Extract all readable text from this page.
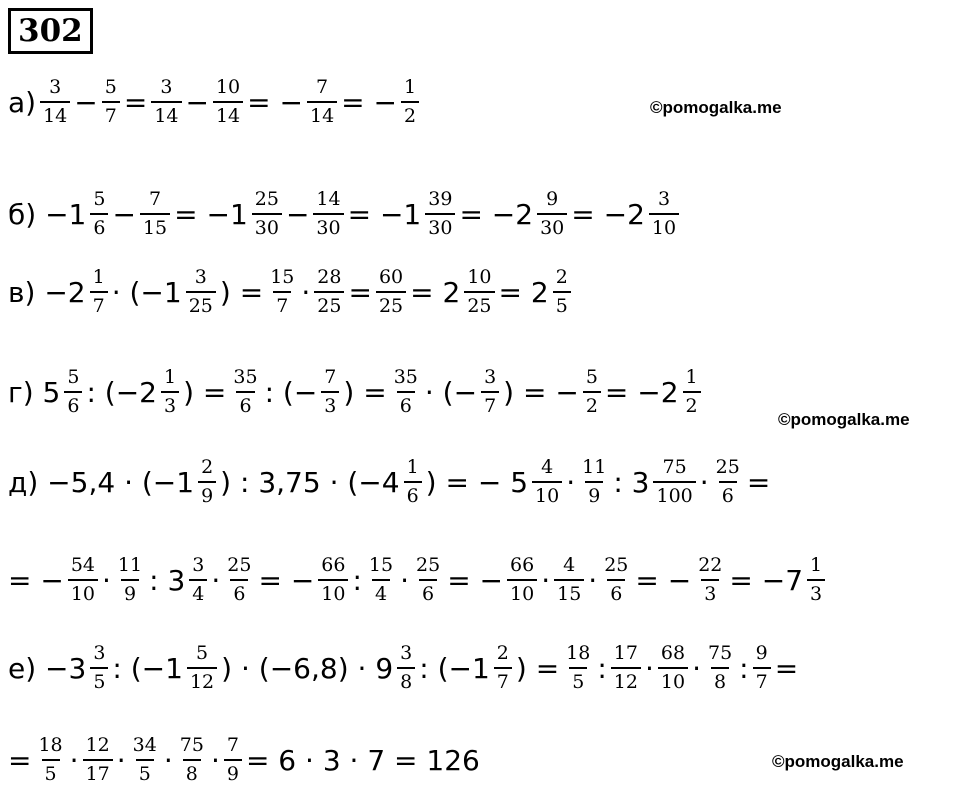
302
©pomogalka.me
©pomogalka.me
©pomogalka.me
$а) \frac{3}{14} - \frac{5}{7} = \frac{3}{14} - \frac{10}{14}$ = − $\frac{7}{14}$ = − $\frac{1}{2}$
$б) -1 \frac{5}{6} - \frac{7}{15} = -1 \frac{25}{30} - \frac{14}{30} = -1 \frac{39}{30} = -2 \frac{9}{30} = -2 \frac{3}{10}$
$в) -2 \frac{1}{7} \cdot (-1 \frac{3}{25}$ ) = $\frac{15}{7} \cdot \frac{28}{25} = \frac{60}{25} = 2 \frac{10}{25} = 2 \frac{2}{5}$
г) $5 \frac{5}{6}$ : ($-2 \frac{1}{3}$ ) = $\frac{35}{6}$ : (− $\frac{7}{3}$ ) = $\frac{35}{6}$ · (− $\frac{3}{7}$ ) = − $\frac{5}{2} = -2 \frac{1}{2}$
$д) -5,4 \cdot (-1 \frac{2}{9}$ ) : $3,75 \cdot (-4 \frac{1}{6}$ ) = − $5 \frac{4}{10} \cdot \frac{11}{9}$ : $3 \frac{75}{100} \cdot \frac{25}{6}$ =
= − $\frac{54}{10} \cdot \frac{11}{9}$ : $3 \frac{3}{4} \cdot \frac{25}{6}$ = − $\frac{66}{10}$ : $\frac{15}{4} \cdot \frac{25}{6}$ = − $\frac{66}{10} \cdot \frac{4}{15} \cdot \frac{25}{6}$ = − $\frac{22}{3} = -7 \frac{1}{3}$
$е) -3 \frac{3}{5}$ : ($-1 \frac{5}{12}$ ) · $(-6,8) \cdot 9 \frac{3}{8}$ : ($-1 \frac{2}{7}$ ) = $\frac{18}{5}$ : $\frac{17}{12} \cdot \frac{68}{10} \cdot \frac{75}{8}$ : $\frac{9}{7}$ =
= $\frac{18}{5} \cdot \frac{12}{17} \cdot \frac{34}{5} \cdot \frac{75}{8} \cdot \frac{7}{9} = 6 \cdot 3 \cdot 7 = 126$
